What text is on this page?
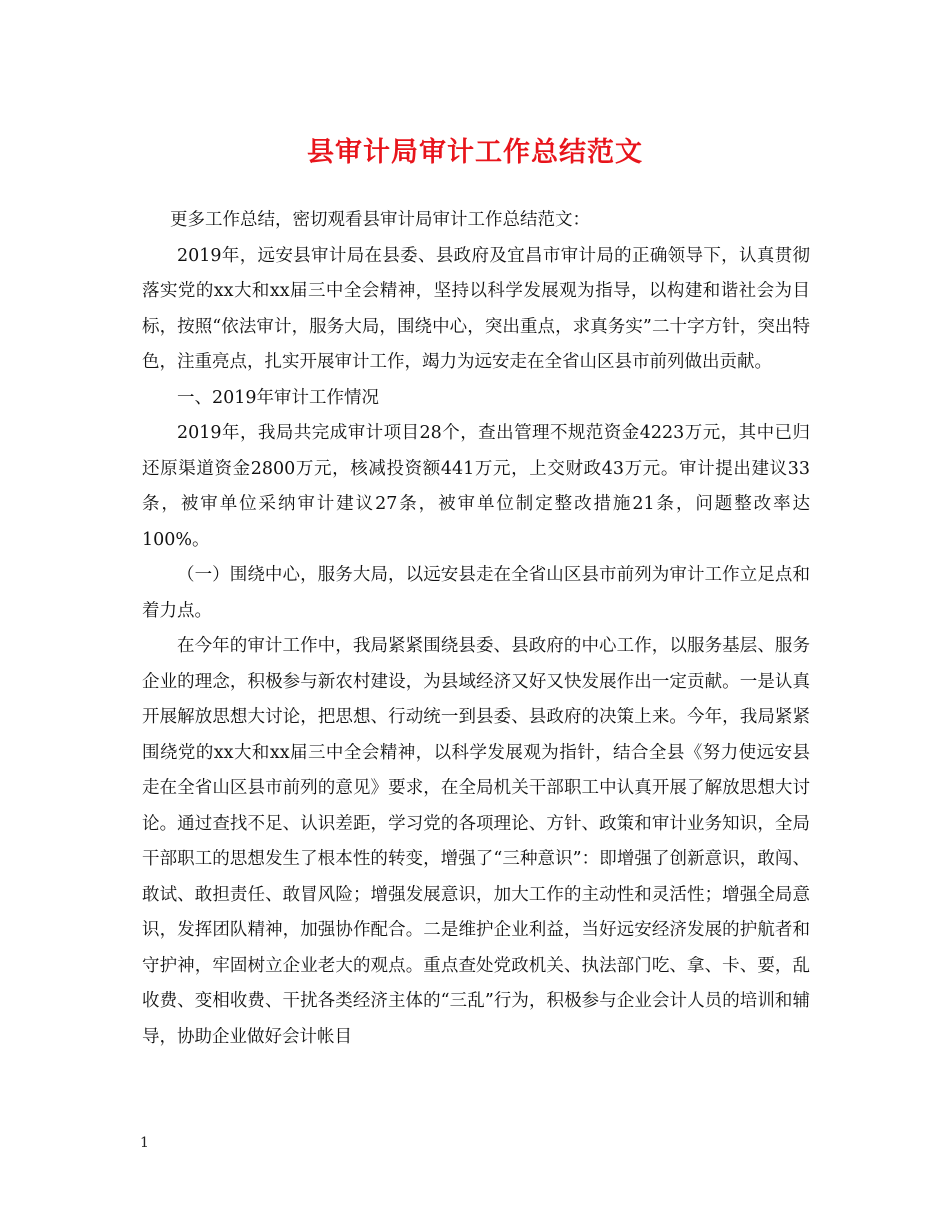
县审计局审计工作总结范文

更多工作总结，密切观看县审计局审计工作总结范文：

2019年，远安县审计局在县委、县政府及宜昌市审计局的正确领导下，认真贯彻落实党的xx大和xx届三中全会精神，坚持以科学发展观为指导，以构建和谐社会为目标，按照“依法审计，服务大局，围绕中心，突出重点，求真务实”二十字方针，突出特色，注重亮点，扎实开展审计工作，竭力为远安走在全省山区县市前列做出贡献。

一、2019年审计工作情况

2019年，我局共完成审计项目28个，查出管理不规范资金4223万元，其中已归还原渠道资金2800万元，核减投资额441万元，上交财政43万元。审计提出建议33条，被审单位采纳审计建议27条，被审单位制定整改措施21条，问题整改率达100%。

（一）围绕中心，服务大局，以远安县走在全省山区县市前列为审计工作立足点和着力点。

在今年的审计工作中，我局紧紧围绕县委、县政府的中心工作，以服务基层、服务企业的理念，积极参与新农村建设，为县域经济又好又快发展作出一定贡献。一是认真开展解放思想大讨论，把思想、行动统一到县委、县政府的决策上来。今年，我局紧紧围绕党的xx大和xx届三中全会精神，以科学发展观为指针，结合全县《努力使远安县走在全省山区县市前列的意见》要求，在全局机关干部职工中认真开展了解放思想大讨论。通过查找不足、认识差距，学习党的各项理论、方针、政策和审计业务知识，全局干部职工的思想发生了根本性的转变，增强了“三种意识”：即增强了创新意识，敢闯、敢试、敢担责任、敢冒风险；增强发展意识，加大工作的主动性和灵活性；增强全局意识，发挥团队精神，加强协作配合。二是维护企业利益，当好远安经济发展的护航者和守护神，牢固树立企业老大的观点。重点查处党政机关、执法部门吃、拿、卡、要，乱收费、变相收费、干扰各类经济主体的“三乱”行为，积极参与企业会计人员的培训和辅导，协助企业做好会计帐目

1
